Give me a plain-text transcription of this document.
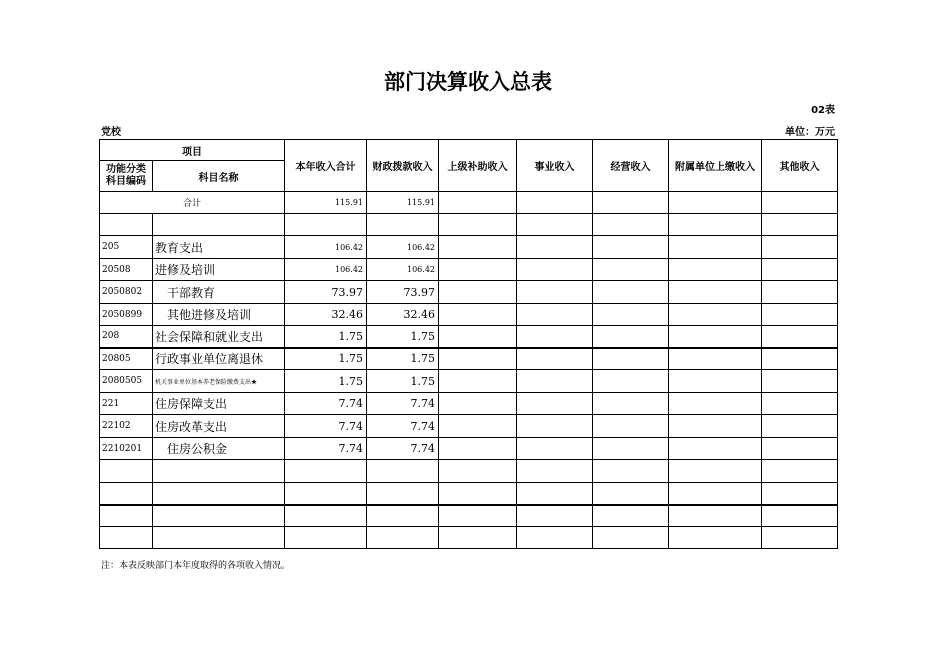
部门决算收入总表
02表
党校	单位：万元
项目		本年收入合计	财政拨款收入	上级补助收入	事业收入	经营收入	附属单位上缴收入	其他收入
功能分类科目编码	科目名称							
合计		115.91	115.91					

205	教育支出	106.42	106.42					
20508	进修及培训	106.42	106.42					
2050802	干部教育	73.97	73.97					
2050899	其他进修及培训	32.46	32.46					
208	社会保障和就业支出	1.75	1.75					
20805	行政事业单位离退休	1.75	1.75					
2080505	机关事业单位基本养老保险缴费支出★	1.75	1.75					
221	住房保障支出	7.74	7.74					
22102	住房改革支出	7.74	7.74					
2210201	住房公积金	7.74	7.74					

注：本表反映部门本年度取得的各项收入情况。
